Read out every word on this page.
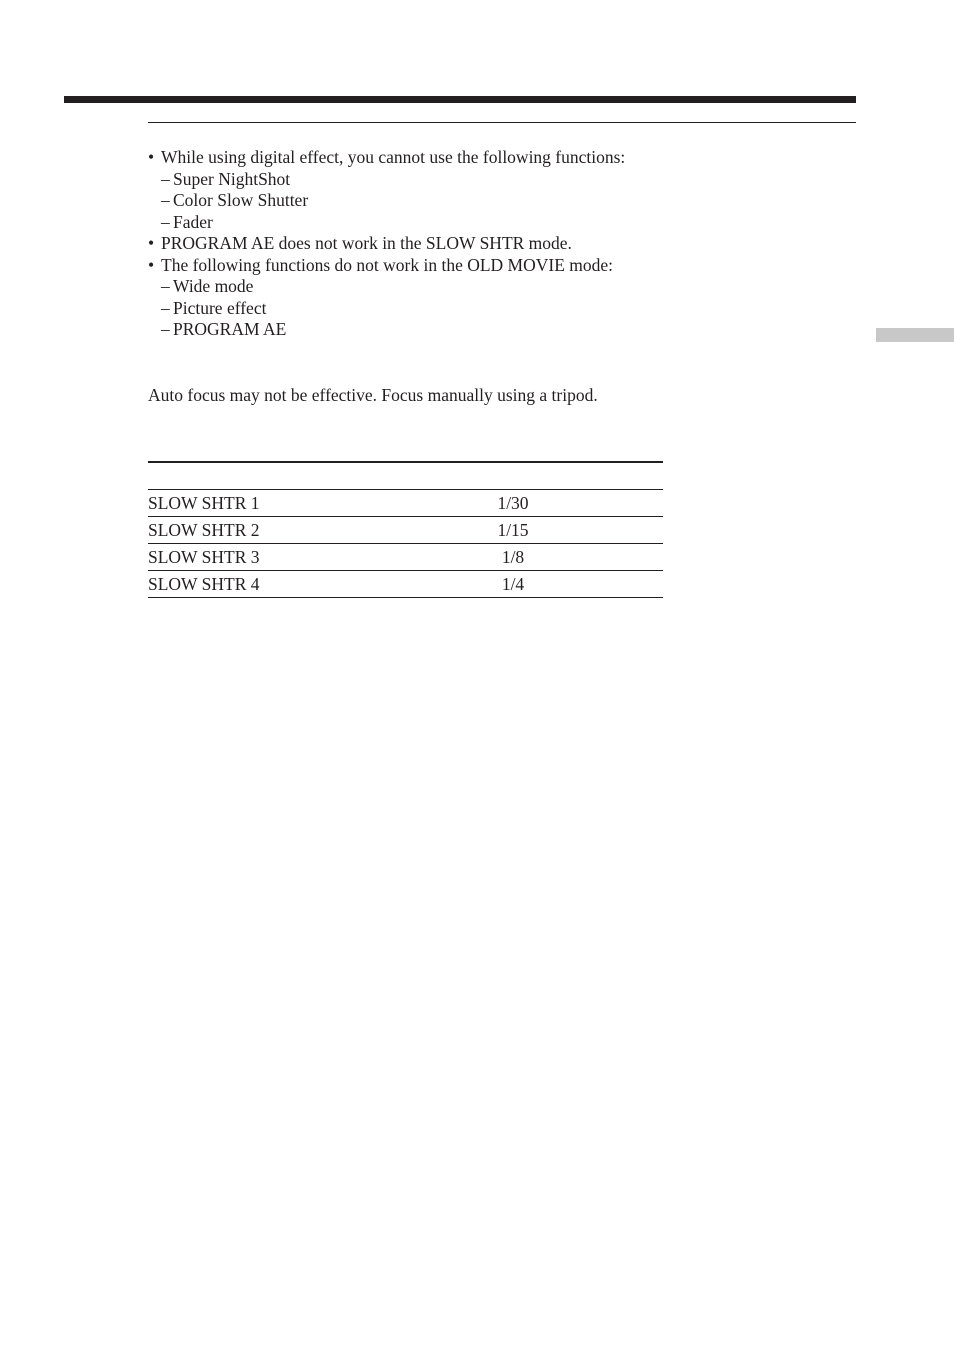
• While using digital effect, you cannot use the following functions:
– Super NightShot
– Color Slow Shutter
– Fader
• PROGRAM AE does not work in the SLOW SHTR mode.
• The following functions do not work in the OLD MOVIE mode:
– Wide mode
– Picture effect
– PROGRAM AE

Auto focus may not be effective. Focus manually using a tripod.

SLOW SHTR 1	1/30	
SLOW SHTR 2	1/15	
SLOW SHTR 3	1/8	
SLOW SHTR 4	1/4	
